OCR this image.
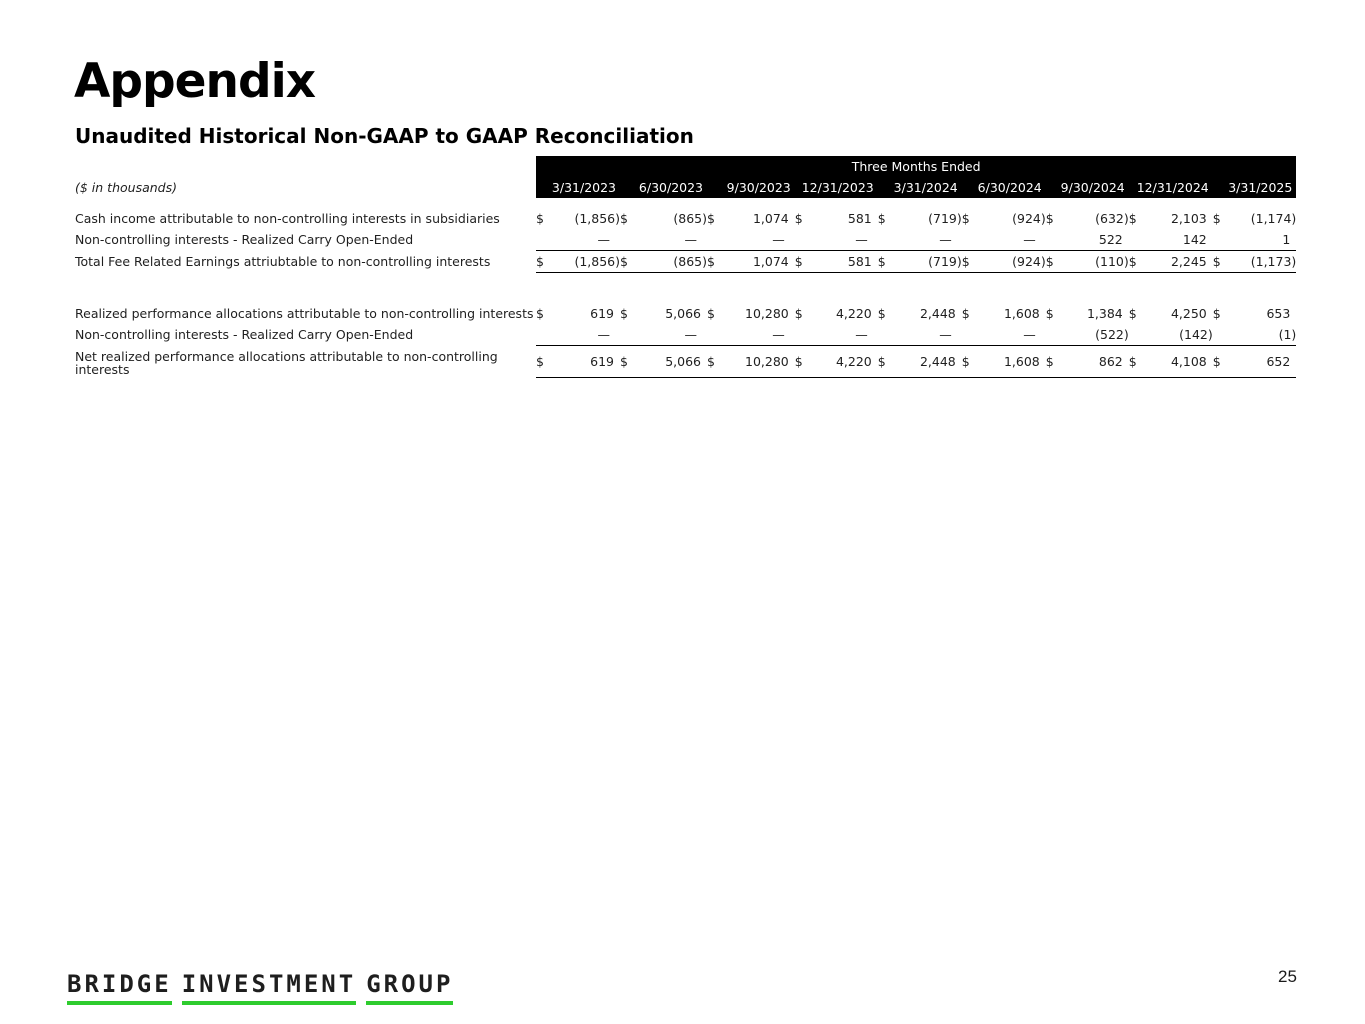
Appendix
Unaudited Historical Non-GAAP to GAAP Reconciliation
	Three Months Ended																	
($ in thousands)	3/31/2023		6/30/2023		9/30/2023		12/31/2023		3/31/2024		6/30/2024		9/30/2024		12/31/2024		3/31/2025	

Cash income attributable to non-controlling interests in subsidiaries	$	(1,856)	$	(865)	$	1,074	$	581	$	(719)	$	(924)	$	(632)	$	2,103	$	(1,174)
Non-controlling interests - Realized Carry Open-Ended		—		—		—		—		—		—		522		142		1
Total Fee Related Earnings attriubtable to non-controlling interests	$	(1,856)	$	(865)	$	1,074	$	581	$	(719)	$	(924)	$	(110)	$	2,245	$	(1,173)

Realized performance allocations attributable to non-controlling interests	$	619	$	5,066	$	10,280	$	4,220	$	2,448	$	1,608	$	1,384	$	4,250	$	653
Non-controlling interests - Realized Carry Open-Ended		—		—		—		—		—		—		(522)		(142)		(1)
Net realized performance allocations attributable to non-controlling interests	$	619	$	5,066	$	10,280	$	4,220	$	2,448	$	1,608	$	862	$	4,108	$	652
BRIDGE INVESTMENT GROUP	25
